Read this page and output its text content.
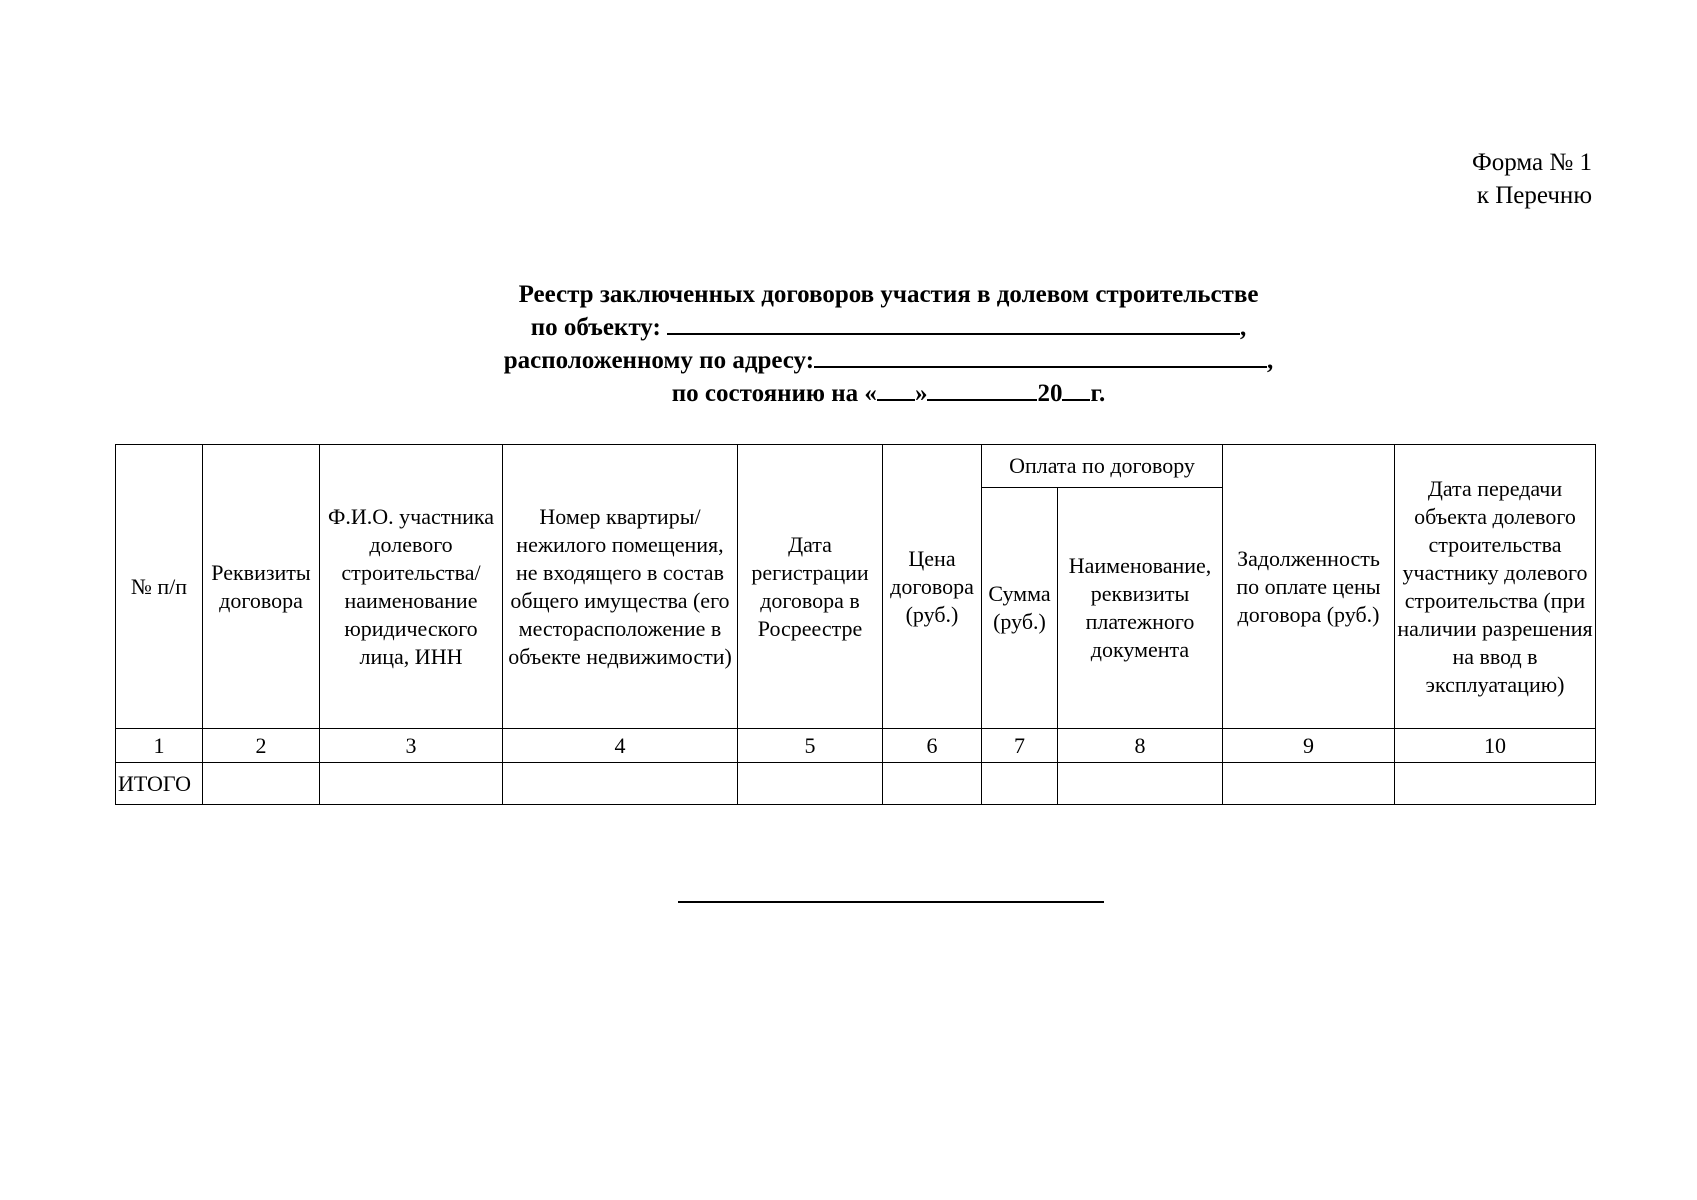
Форма № 1
к Перечню
Реестр заключенных договоров участия в долевом строительстве
по объекту:	,
расположенному по адресу:	,
по состоянию на « »	20 г.
№ п/п	Реквизиты договора	Ф.И.О. участника долевого строительства/ наименование юридического лица, ИНН	Номер квартиры/ нежилого помещения, не входящего в состав общего имущества (его месторасположение в объекте недвижимости)	Дата регистрации договора в Росреестре	Цена договора (руб.)	Оплата по договору		Задолженность по оплате цены договора (руб.)	Дата передачи объекта долевого строительства участнику долевого строительства (при наличии разрешения на ввод в эксплуатацию)
						Сумма (руб.)	Наименование, реквизиты платежного документа		
1	2	3	4	5	6	7	8	9	10
ИТОГО									
